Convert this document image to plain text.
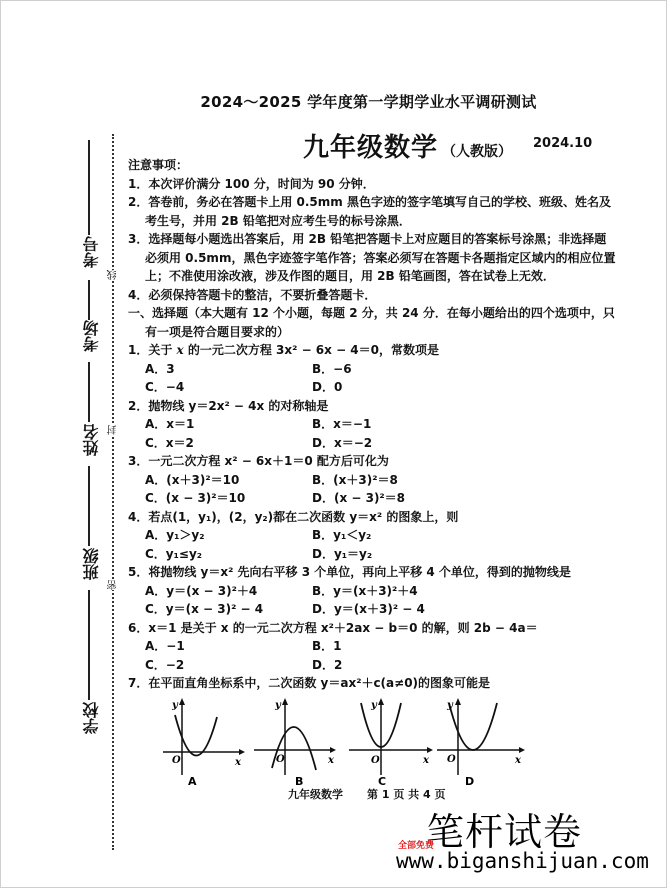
考号
考场
姓名
班级
学校
线
封
密
2024～2025 学年度第一学期学业水平调研测试
九年级数学 （人教版）
2024.10
注意事项：
1．本次评价满分 100 分，时间为 90 分钟．
2．答卷前，务必在答题卡上用 0.5mm 黑色字迹的签字笔填写自己的学校、班级、姓名及
考生号，并用 2B 铅笔把对应考生号的标号涂黑．
3．选择题每小题选出答案后，用 2B 铅笔把答题卡上对应题目的答案标号涂黑；非选择题
必须用 0.5mm，黑色字迹签字笔作答；答案必须写在答题卡各题指定区域内的相应位置
上；不准使用涂改液，涉及作图的题目，用 2B 铅笔画图，答在试卷上无效．
4．必须保持答题卡的整洁，不要折叠答题卡．
一、选择题（本大题有 12 个小题，每题 2 分，共 24 分．在每小题给出的四个选项中，只
有一项是符合题目要求的）
1．关于 x 的一元二次方程 3x² − 6x − 4＝0，常数项是
A．3	B．−6
C．−4	D．0
2．抛物线 y＝2x² − 4x 的对称轴是
A．x＝1	B．x＝−1
C．x＝2	D．x＝−2
3．一元二次方程 x² − 6x＋1＝0 配方后可化为
A．(x＋3)²＝10	B．(x＋3)²＝8
C．(x − 3)²＝10	D．(x − 3)²＝8
4．若点(1，y₁)，(2，y₂)都在二次函数 y＝x² 的图象上，则
A．y₁＞y₂	B．y₁＜y₂
C．y₁≤y₂	D．y₁＝y₂
5．将抛物线 y＝x² 先向右平移 3 个单位，再向上平移 4 个单位，得到的抛物线是
A．y＝(x − 3)²＋4	B．y＝(x＋3)²＋4
C．y＝(x − 3)² − 4	D．y＝(x＋3)² − 4
6．x＝1 是关于 x 的一元二次方程 x²＋2ax − b＝0 的解，则 2b − 4a＝
A．−1	B．1
C．−2	D．2
7．在平面直角坐标系中，二次函数 y＝ax²＋c(a≠0)的图象可能是
y
O	x
A
y
O	x
B
y
O	x
C
y
O	x
D
九年级数学 第 1 页 共 4 页
笔杆试卷
全部免费
www.biganshijuan.com
